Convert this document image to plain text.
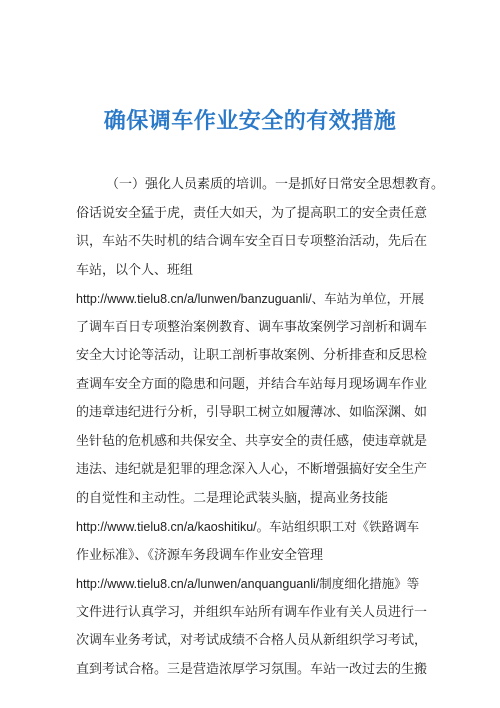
确保调车作业安全的有效措施
（一）强化人员素质的培训。一是抓好日常安全思想教育。
俗话说安全猛于虎，责任大如天，为了提高职工的安全责任意
识，车站不失时机的结合调车安全百日专项整治活动，先后在
车站，以个人、班组
http://www.tielu8.cn/a/lunwen/banzuguanli/、车站为单位，开展
了调车百日专项整治案例教育、调车事故案例学习剖析和调车
安全大讨论等活动，让职工剖析事故案例、分析排查和反思检
查调车安全方面的隐患和问题，并结合车站每月现场调车作业
的违章违纪进行分析，引导职工树立如履薄冰、如临深渊、如
坐针毡的危机感和共保安全、共享安全的责任感，使违章就是
违法、违纪就是犯罪的理念深入人心，不断增强搞好安全生产
的自觉性和主动性。二是理论武装头脑，提高业务技能
http://www.tielu8.cn/a/kaoshitiku/。车站组织职工对《铁路调车
作业标准》、《济源车务段调车作业安全管理
http://www.tielu8.cn/a/lunwen/anquanguanli/制度细化措施》等
文件进行认真学习，并组织车站所有调车作业有关人员进行一
次调车业务考试，对考试成绩不合格人员从新组织学习考试，
直到考试合格。三是营造浓厚学习氛围。车站一改过去的生搬
